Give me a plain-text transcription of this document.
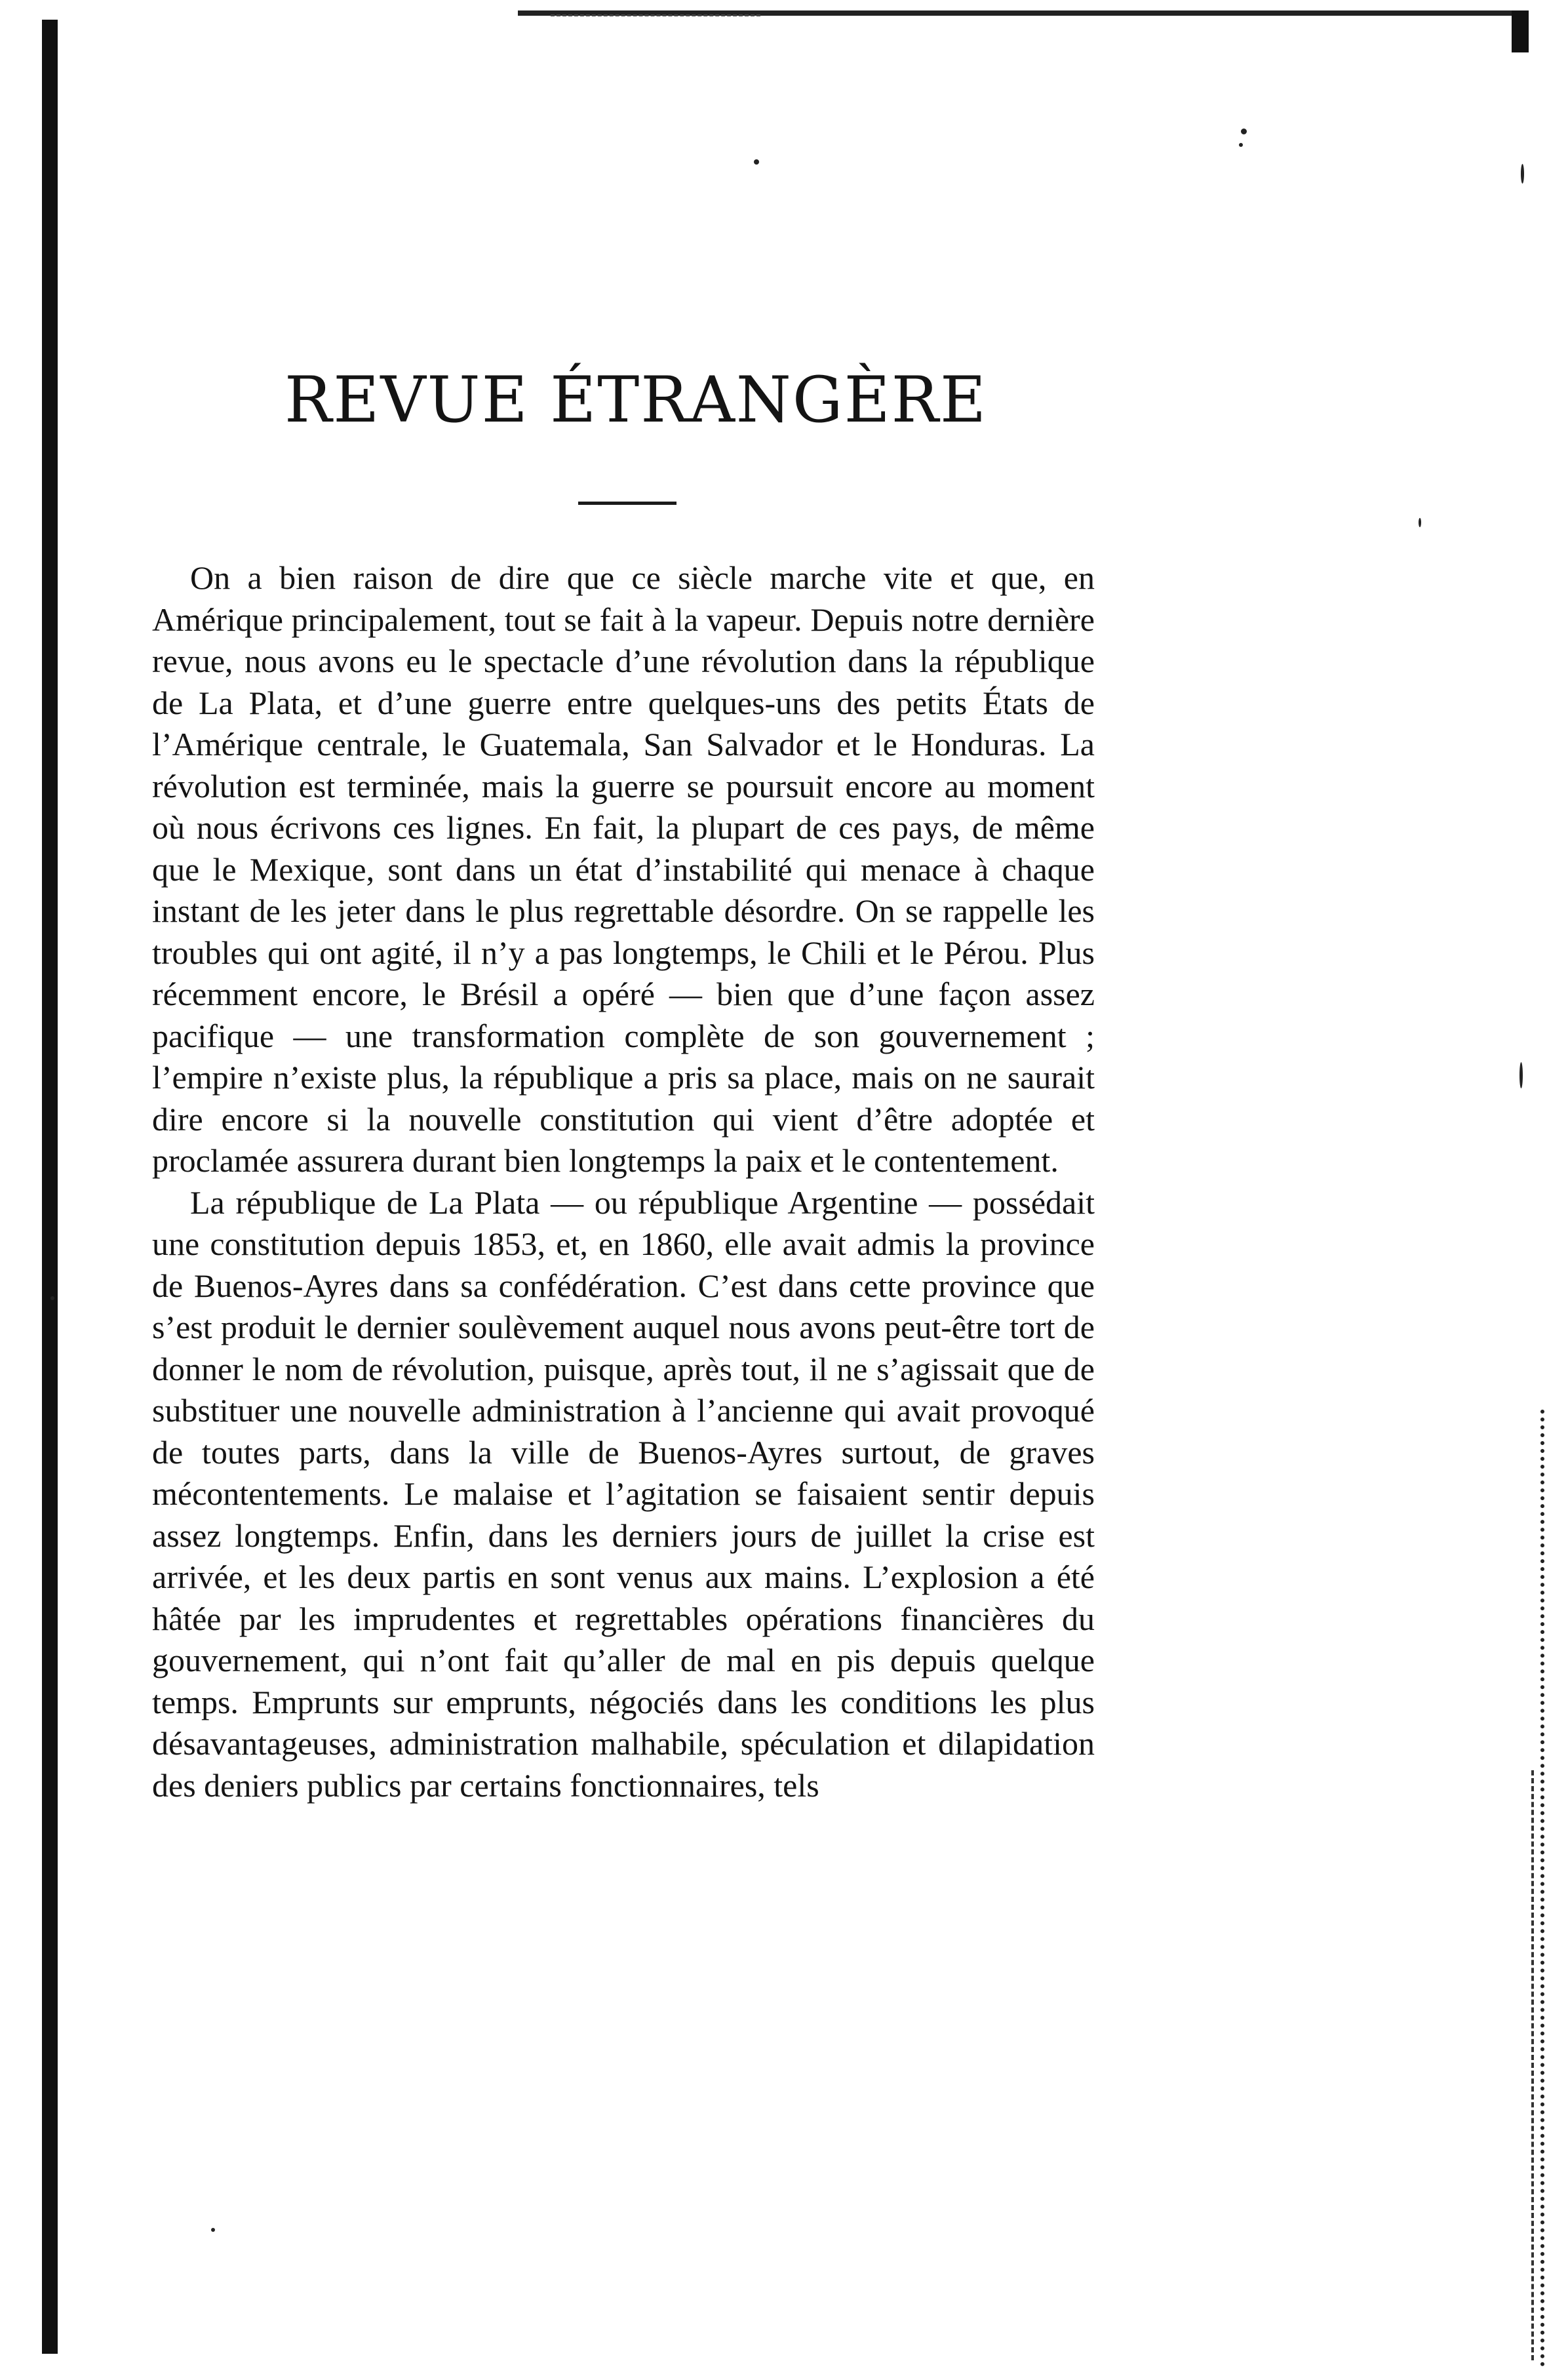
REVUE ÉTRANGÈRE

On a bien raison de dire que ce siècle marche vite et que, en Amérique principalement, tout se fait à la vapeur. Depuis notre dernière revue, nous avons eu le spectacle d’une révolution dans la république de La Plata, et d’une guerre entre quelques-uns des petits États de l’Amérique centrale, le Guatemala, San Salvador et le Honduras. La révolution est terminée, mais la guerre se poursuit encore au moment où nous écrivons ces lignes. En fait, la plupart de ces pays, de même que le Mexique, sont dans un état d’instabilité qui menace à chaque instant de les jeter dans le plus regrettable désordre. On se rappelle les troubles qui ont agité, il n’y a pas longtemps, le Chili et le Pérou. Plus récemment encore, le Brésil a opéré — bien que d’une façon assez pacifique — une transformation complète de son gouvernement ; l’empire n’existe plus, la république a pris sa place, mais on ne saurait dire encore si la nouvelle constitution qui vient d’être adoptée et proclamée assurera durant bien longtemps la paix et le contentement.

La république de La Plata — ou république Argentine — possédait une constitution depuis 1853, et, en 1860, elle avait admis la province de Buenos-Ayres dans sa confédération. C’est dans cette province que s’est produit le dernier soulèvement auquel nous avons peut-être tort de donner le nom de révolution, puisque, après tout, il ne s’agissait que de substituer une nouvelle administration à l’ancienne qui avait provoqué de toutes parts, dans la ville de Buenos-Ayres surtout, de graves mécontentements. Le malaise et l’agitation se faisaient sentir depuis assez longtemps. Enfin, dans les derniers jours de juillet la crise est arrivée, et les deux partis en sont venus aux mains. L’explosion a été hâtée par les imprudentes et regrettables opérations financières du gouvernement, qui n’ont fait qu’aller de mal en pis depuis quelque temps. Emprunts sur emprunts, négociés dans les conditions les plus désavantageuses, administration malhabile, spéculation et dilapidation des deniers publics par certains fonctionnaires, tels
